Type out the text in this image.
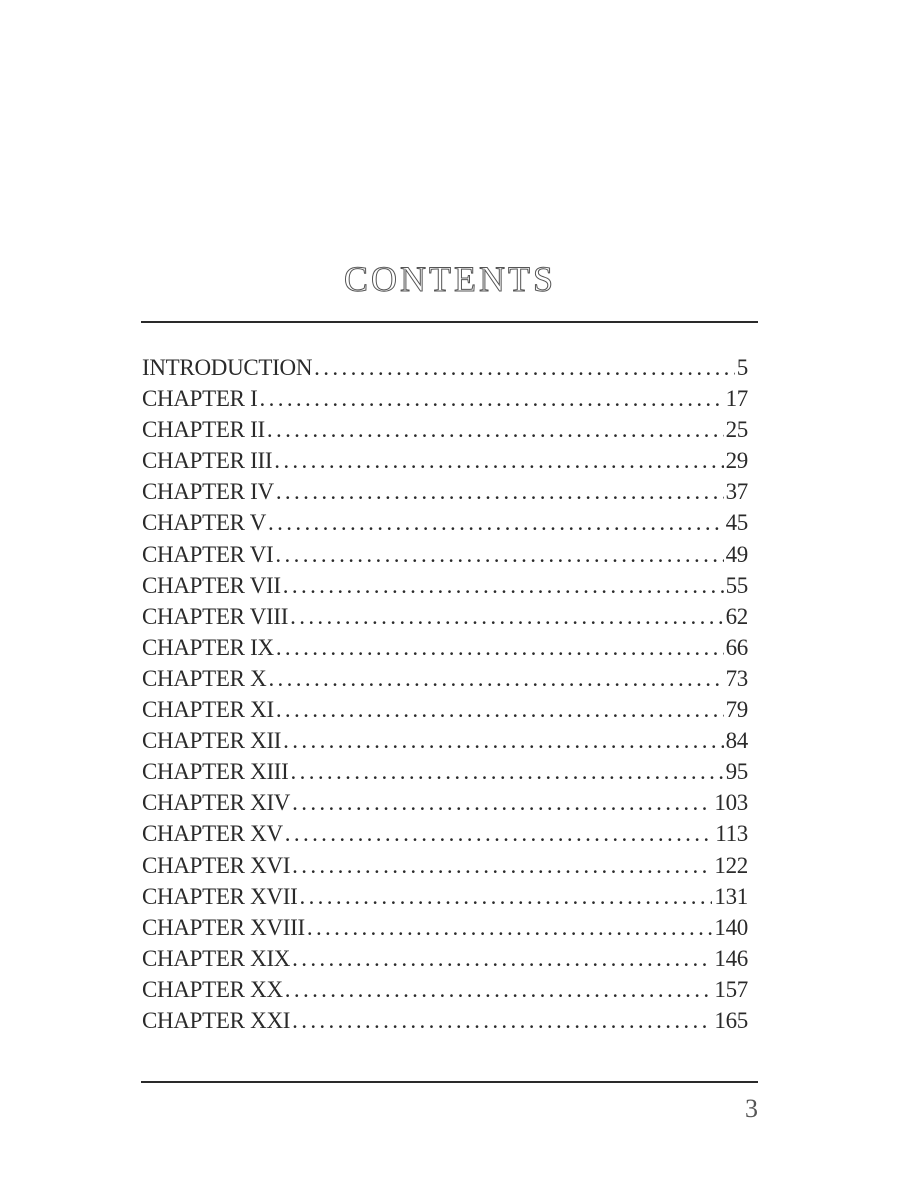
CONTENTS
INTRODUCTION . . .	5
CHAPTER I . . .	17
CHAPTER II . . .	25
CHAPTER III . . .	29
CHAPTER IV . . .	37
CHAPTER V . . .	45
CHAPTER VI . . .	49
CHAPTER VII . . .	55
CHAPTER VIII . . .	62
CHAPTER IX . . .	66
CHAPTER X . . .	73
CHAPTER XI . . .	79
CHAPTER XII . . .	84
CHAPTER XIII . . .	95
CHAPTER XIV . . .	103
CHAPTER XV . . .	113
CHAPTER XVI . . .	122
CHAPTER XVII . . .	131
CHAPTER XVIII . . .	140
CHAPTER XIX . . .	146
CHAPTER XX . . .	157
CHAPTER XXI . . .	165
3
